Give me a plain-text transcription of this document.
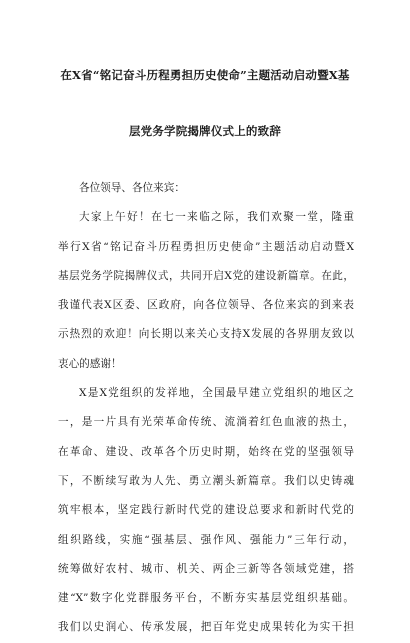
在X省“铭记奋斗历程勇担历史使命”主题活动启动暨X基
层党务学院揭牌仪式上的致辞
各位领导、各位来宾：
大家上午好！在七一来临之际，我们欢聚一堂，隆重
举行X省“铭记奋斗历程勇担历史使命”主题活动启动暨X
基层党务学院揭牌仪式，共同开启X党的建设新篇章。在此，
我谨代表X区委、区政府，向各位领导、各位来宾的到来表
示热烈的欢迎！向长期以来关心支持X发展的各界朋友致以
衷心的感谢！
X是X党组织的发祥地，全国最早建立党组织的地区之
一，是一片具有光荣革命传统、流淌着红色血液的热土，
在革命、建设、改革各个历史时期，始终在党的坚强领导
下，不断续写敢为人先、勇立潮头新篇章。我们以史铸魂
筑牢根本，坚定践行新时代党的建设总要求和新时代党的
组织路线，实施“强基层、强作风、强能力”三年行动，
统筹做好农村、城市、机关、两企三新等各领域党建，搭
建“X”数字化党群服务平台，不断夯实基层党组织基础。
我们以史润心、传承发展，把百年党史成果转化为实干担
